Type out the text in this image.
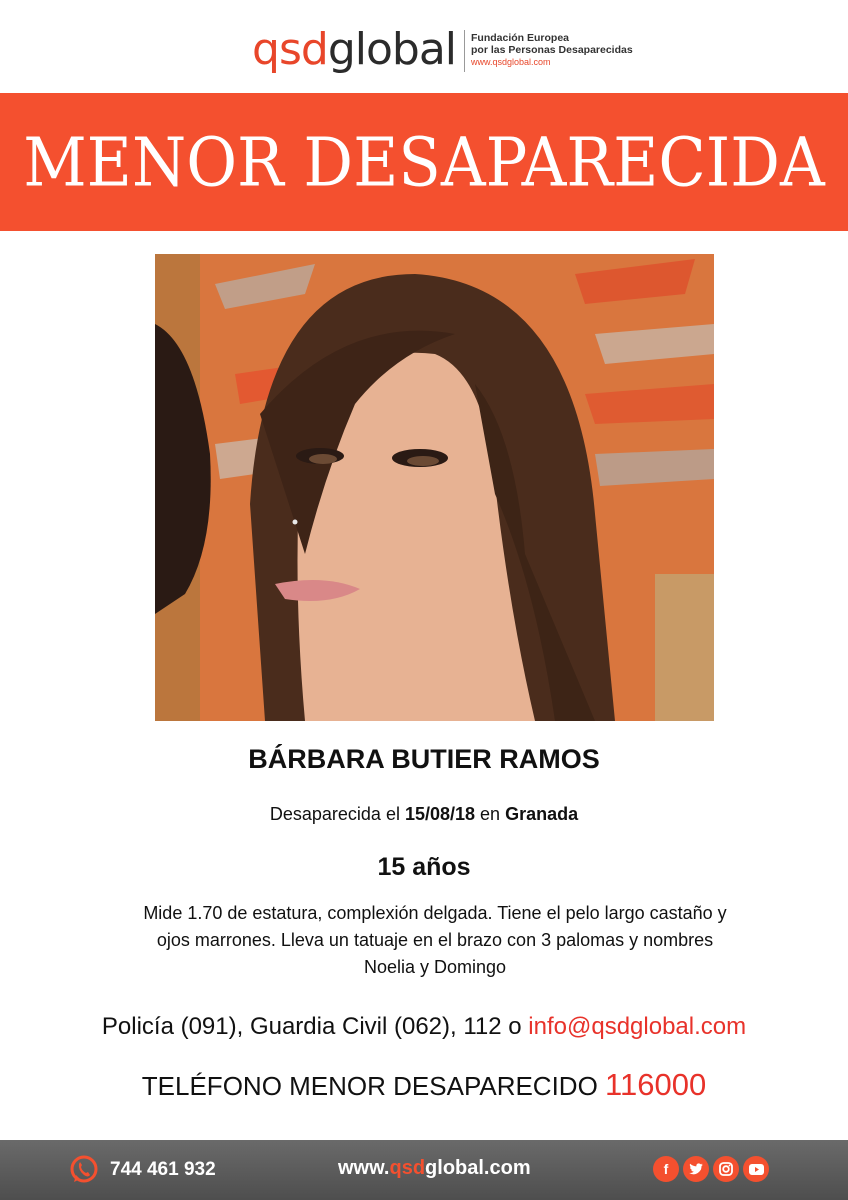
qsdglobal Fundación Europea
por las Personas Desaparecidas
www.qsdglobal.com
MENOR DESAPARECIDA
BÁRBARA BUTIER RAMOS
Desaparecida el 15/08/18 en Granada
15 años
Mide 1.70 de estatura, complexión delgada. Tiene el pelo largo castaño y ojos marrones. Lleva un tatuaje en el brazo con 3 palomas y nombres Noelia y Domingo
Policía (091), Guardia Civil (062), 112 o info@qsdglobal.com
TELÉFONO MENOR DESAPARECIDO 116000
744 461 932	www.qsdglobal.com	f
